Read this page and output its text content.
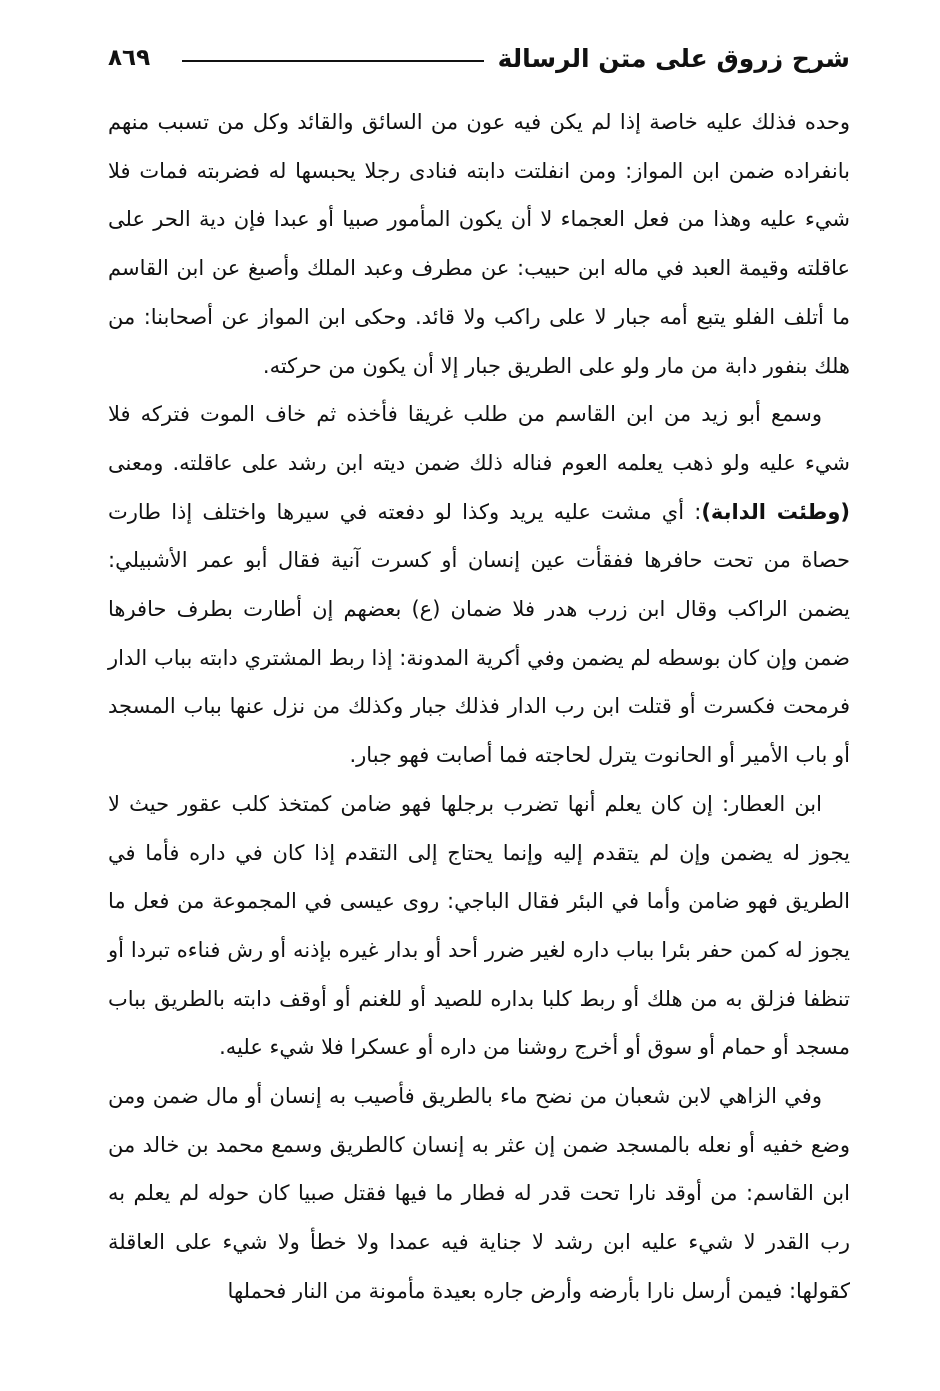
شرح زروق على متن الرسالة
٨٦٩

وحده فذلك عليه خاصة إذا لم يكن فيه عون من السائق والقائد وكل من تسبب منهم بانفراده ضمن ابن المواز: ومن انفلتت دابته فنادى رجلا يحبسها له فضربته فمات فلا شيء عليه وهذا من فعل العجماء لا أن يكون المأمور صبيا أو عبدا فإن دية الحر على عاقلته وقيمة العبد في ماله ابن حبيب: عن مطرف وعبد الملك وأصبغ عن ابن القاسم ما أتلف الفلو يتبع أمه جبار لا على راكب ولا قائد. وحكى ابن المواز عن أصحابنا: من هلك بنفور دابة من مار ولو على الطريق جبار إلا أن يكون من حركته.

وسمع أبو زيد من ابن القاسم من طلب غريقا فأخذه ثم خاف الموت فتركه فلا شيء عليه ولو ذهب يعلمه العوم فناله ذلك ضمن ديته ابن رشد على عاقلته. ومعنى (وطئت الدابة): أي مشت عليه يريد وكذا لو دفعته في سيرها واختلف إذا طارت حصاة من تحت حافرها ففقأت عين إنسان أو كسرت آنية فقال أبو عمر الأشبيلي: يضمن الراكب وقال ابن زرب هدر فلا ضمان (ع) بعضهم إن أطارت بطرف حافرها ضمن وإن كان بوسطه لم يضمن وفي أكرية المدونة: إذا ربط المشتري دابته بباب الدار فرمحت فكسرت أو قتلت ابن رب الدار فذلك جبار وكذلك من نزل عنها بباب المسجد أو باب الأمير أو الحانوت يترل لحاجته فما أصابت فهو جبار.

ابن العطار: إن كان يعلم أنها تضرب برجلها فهو ضامن كمتخذ كلب عقور حيث لا يجوز له يضمن وإن لم يتقدم إليه وإنما يحتاج إلى التقدم إذا كان في داره فأما في الطريق فهو ضامن وأما في البئر فقال الباجي: روى عيسى في المجموعة من فعل ما يجوز له كمن حفر بئرا بباب داره لغير ضرر أحد أو بدار غيره بإذنه أو رش فناءه تبردا أو تنظفا فزلق به من هلك أو ربط كلبا بداره للصيد أو للغنم أو أوقف دابته بالطريق بباب مسجد أو حمام أو سوق أو أخرج روشنا من داره أو عسكرا فلا شيء عليه.

وفي الزاهي لابن شعبان من نضح ماء بالطريق فأصيب به إنسان أو مال ضمن ومن وضع خفيه أو نعله بالمسجد ضمن إن عثر به إنسان كالطريق وسمع محمد بن خالد من ابن القاسم: من أوقد نارا تحت قدر له فطار ما فيها فقتل صبيا كان حوله لم يعلم به رب القدر لا شيء عليه ابن رشد لا جناية فيه عمدا ولا خطأ ولا شيء على العاقلة كقولها: فيمن أرسل نارا بأرضه وأرض جاره بعيدة مأمونة من النار فحملها
